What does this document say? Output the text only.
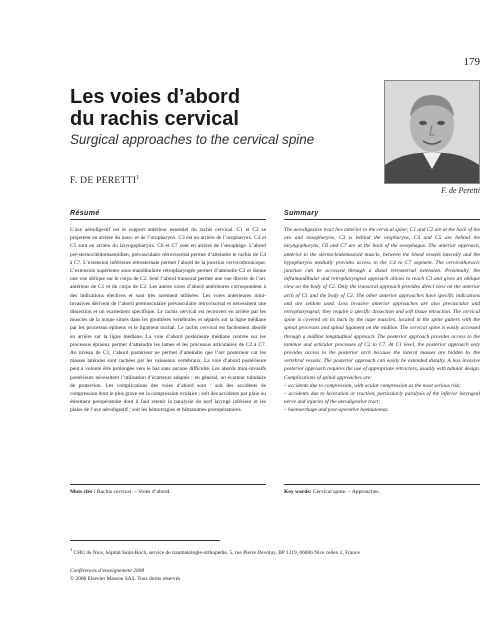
179
Les voies d’abord
du rachis cervical
Surgical approaches to the cervical spine
F. DE PERETTI$^1$
F. de Peretti
Résumé	Summary

L’axe aérodigestif est le support antérieur essentiel du rachis cervical. C1 et C2 se projettent en arrière du naso- et de l’oropharynx. C3 est en arrière de l’oropharynx. C4 et C5 sont en arrière du laryngopharynx. C6 et C7 sont en arrière de l’œsophage. L’abord pré-sternocléidomastoïdien, prévasculaire rétroviscéral permet d’atteindre le rachis de C4 à C7. L’extension inférieure rétrosternale permet l’abord de la jonction cervicothoracique. L’extension supérieure sous-mandibulaire rétropharyngée permet d’atteindre C3 et donne une vue oblique sur le corps de C2. Seul l’abord transoral permet une vue directe de l’arc antérieur de C1 et du corps de C2. Les autres voies d’abord antérieures correspondent à des indications électives et sont très rarement utilisées. Les voies antérieures mini-invasives dérivent de l’abord prémusculaire prévasculaire rétroviscéral et nécessitent une dissection et un écartement spécifique. Le rachis cervical est recouvert en arrière par les muscles de la nuque situés dans les gouttières vertébrales et séparés sur la ligne médiane par les processus épineux et le ligament nuchal. Le rachis cervical est facilement abordé en arrière sur la ligne médiane. La voie d’abord postérieure médiane centrée sur les processus épineux permet d’atteindre les lames et les processus articulaires de C2 à C7. Au niveau de C1, l’abord postérieur ne permet d’atteindre que l’arc postérieur car les masses latérales sont cachées par les vaisseaux vertébraux. La voie d’abord postérieure peut à volonté être prolongée vers le bas sans aucune difficulté. Les abords mini-invasifs postérieurs nécessitent l’utilisation d’écarteurs adaptés : en général, un écarteur tubulaire de protection. Les complications des voies d’abord sont : soit des accidents de compression dont le plus grave est la compression oculaire ; soit des accidents par plaie ou étirement peropératoire dont il faut retenir la paralysie du nerf laryngé inférieur et les plaies de l’axe aérodigestif ; soit les hémorragies et hématomes postopératoires.

The aerodigestive tract lies anterior to the cervical spine; C1 and C2 are at the back of the oro and nasopharynx, C3 is behind the oropharynx, C4 and C5 are behind the laryngopharynx, C6 and C7 are at the back of the oesophagus. The anterior approach, anterior to the sternocleidomastoid muscle, between the blood vessels laterally and the hypopharynx medially provides access to the C4 to C7 segment. The cervicothoracic junction can be accessed through a distal retrosternal extension. Proximally, the inframandibular and retropharyngeal approach allows to reach C3 and gives an oblique view on the body of C2. Only the transoral approach provides direct view on the anterior arch of C1 and the body of C2. The other anterior approaches have specific indications and are seldom used. Less invasive anterior approaches are also prevascular and retropharyngeal; they require a specific dissection and soft tissue retraction. The cervical spine is covered on its back by the nape muscles, located in the spine gutters with the spinal processes and spinal ligament on the midline. The cervical spine is easily accessed through a midline longitudinal approach. The posterior approach provides access to the laminae and articular processes of C2 to C7. At C1 level, the posterior approach only provides access to the posterior arch because the lateral masses are hidden by the vertebral vessels. The posterior approach can easily be extended distally. A less invasive posterior approach requires the use of appropriate retractors, usually with tubular design. Complications of spinal approaches are:

– accidents due to compression, with ocular compression as the most serious risk;

– accidents due to laceration or traction, particularly paralysis of the inferior laryngeal nerve and injuries of the aerodigestive tract;

– haemorrhage and post-operative haematomas.

Mots clés : Rachis cervical. – Voies d’abord.	Key words: Cervical spine. – Approaches.
$^1$ CHU de Nice, hôpital Saint-Roch, service de traumatologie-orthopédie, 5, rue Pierre Dévoluy, BP 1319, 06006 Nice cedex 1, France
Conférences d’enseignement 2008
© 2008 Elsevier Masson SAS. Tous droits réservés
